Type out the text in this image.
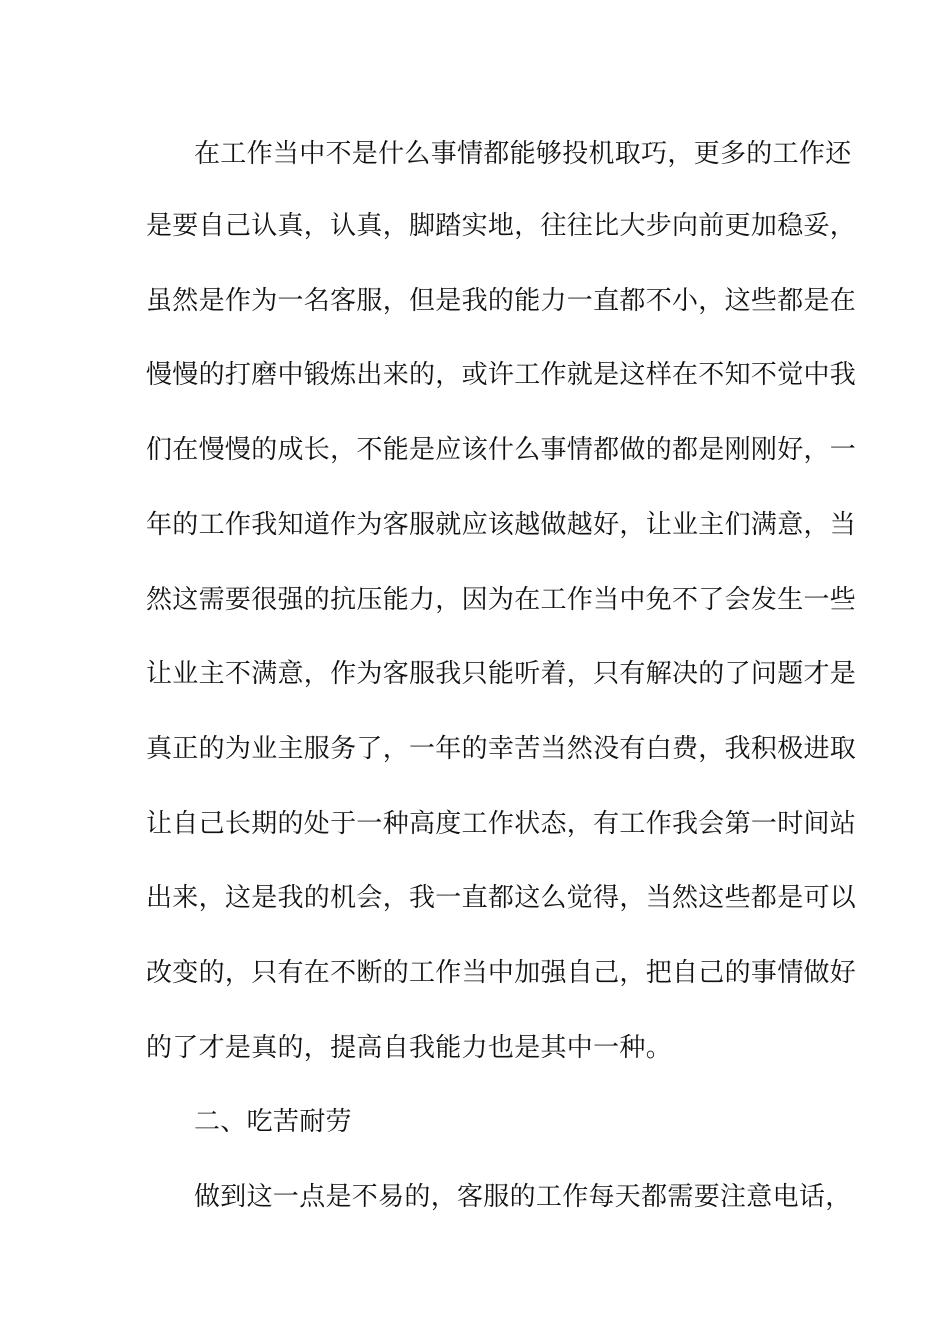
在工作当中不是什么事情都能够投机取巧，更多的工作还
是要自己认真，认真，脚踏实地，往往比大步向前更加稳妥，
虽然是作为一名客服，但是我的能力一直都不小，这些都是在
慢慢的打磨中锻炼出来的，或许工作就是这样在不知不觉中我
们在慢慢的成长，不能是应该什么事情都做的都是刚刚好，一
年的工作我知道作为客服就应该越做越好，让业主们满意，当
然这需要很强的抗压能力，因为在工作当中免不了会发生一些
让业主不满意，作为客服我只能听着，只有解决的了问题才是
真正的为业主服务了，一年的幸苦当然没有白费，我积极进取
让自己长期的处于一种高度工作状态，有工作我会第一时间站
出来，这是我的机会，我一直都这么觉得，当然这些都是可以
改变的，只有在不断的工作当中加强自己，把自己的事情做好
的了才是真的，提高自我能力也是其中一种。
二、吃苦耐劳
做到这一点是不易的，客服的工作每天都需要注意电话，
